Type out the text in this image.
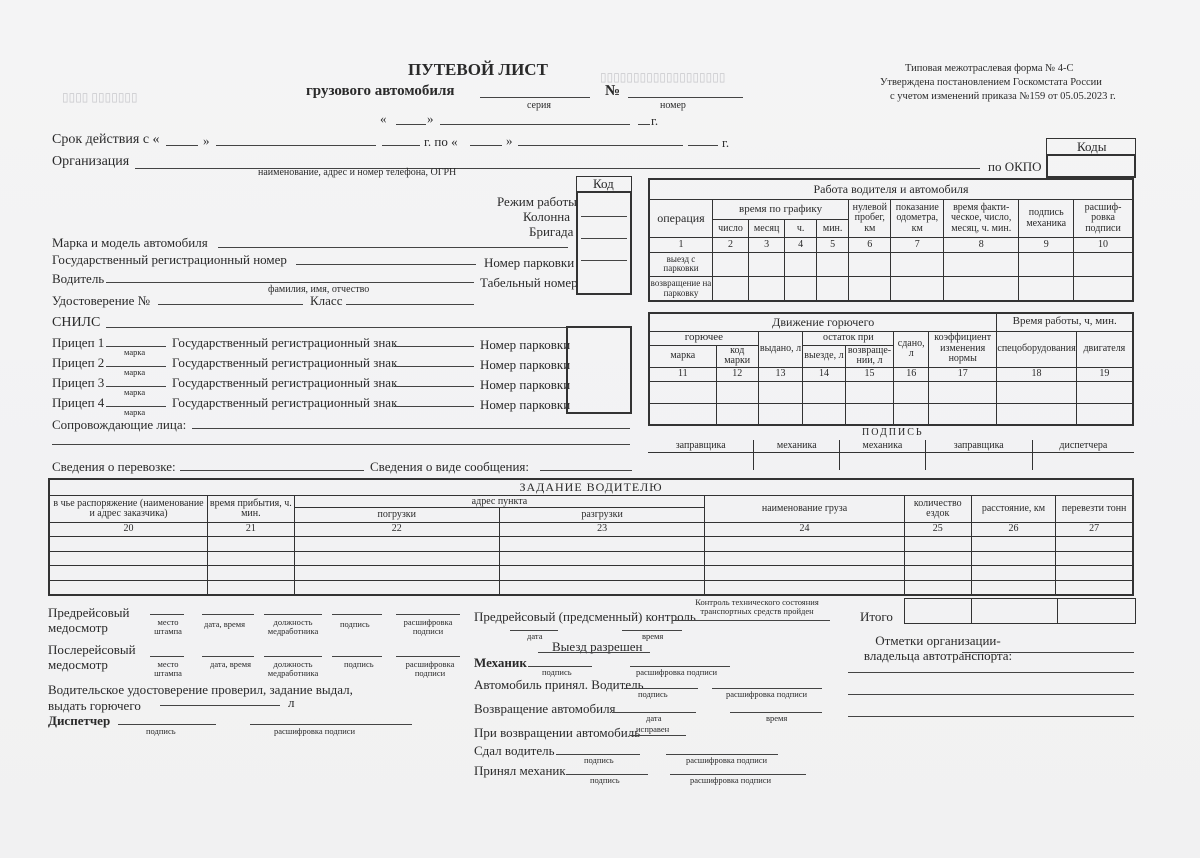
▯▯▯▯ ▯▯▯▯▯▯▯
▯▯▯▯▯▯▯▯▯▯▯▯▯▯▯▯▯▯▯
ПУТЕВОЙ ЛИСТ
грузового автомобиля	№
серия	номер
Типовая межотраслевая форма № 4-С
Утверждена постановлением Госкомстата России
с учетом изменений приказа №159 от 05.05.2023 г.
«	»	г.
Срок действия с «	»	г. по «	»	г.	Коды
Организация	по ОКПО
наименование, адрес и номер телефона, ОГРН
Код
Режим работы
Колонна
Бригада
Марка и модель автомобиля
Государственный регистрационный номер	Номер парковки
Водитель
фамилия, имя, отчество	Табельный номер
Удостоверение №	Класс
СНИЛС
Прицеп 1
марка
Государственный регистрационный знак	Номер парковки
Прицеп 2
марка
Государственный регистрационный знак	Номер парковки
Прицеп 3
марка
Государственный регистрационный знак	Номер парковки
Прицеп 4
марка
Государственный регистрационный знак	Номер парковки
Сопровождающие лица:
Сведения о перевозке:	Сведения о виде сообщения:
Работа водителя и автомобиля									
операция	время по графику				нулевой пробег, км	показание одометра, км	время факти-ческое, число, месяц, ч. мин.	подпись механика	расшиф-ровка подписи
	число	месяц	ч.	мин.					
1	2	3	4	5	6	7	8	9	10
выезд с парковки									
возвращение на парковку									
Движение горючего							Время работы, ч, мин.	
горючее		выдано, л	остаток при		сдано, л	коэффициент изменения нормы	спецоборудования	двигателя
марка	код марки		выезде, л	возвраще-нии, л				
11	12	13	14	15	16	17	18	19

ПОДПИСЬ
заправщика	механика	механика	заправщика	диспетчера

ЗАДАНИЕ ВОДИТЕЛЮ							
в чье распоряжение (наименование и адрес заказчика)	время прибытия, ч. мин.	адрес пункта		наименование груза	количество ездок	расстояние, км	перевезти тонн
		погрузки	разгрузки				
20	21	22	23	24	25	26	27

Итого
Предрейсовый медосмотр	место штампа
дата, время	должность медработника
подпись	расшифровка подписи
Послерейсовый медосмотр	место штампа
дата, время	должность медработника
подпись	расшифровка подписи
Водительское удостоверение проверил, задание выдал, выдать горючего	л
Диспетчер
подпись	расшифровка подписи
Контроль технического состояния транспортных средств пройден
Предрейсовый (предсменный) контроль
дата	время
Выезд разрешен
Механик
подпись	расшифровка подписи
Автомобиль принял. Водитель
подпись	расшифровка подписи
Возвращение автомобиля
дата	время
При возвращении автомобиль
исправен
Сдал водитель
подпись	расшифровка подписи
Принял механик
подпись	расшифровка подписи
Отметки организации-владельца автотранспорта:
